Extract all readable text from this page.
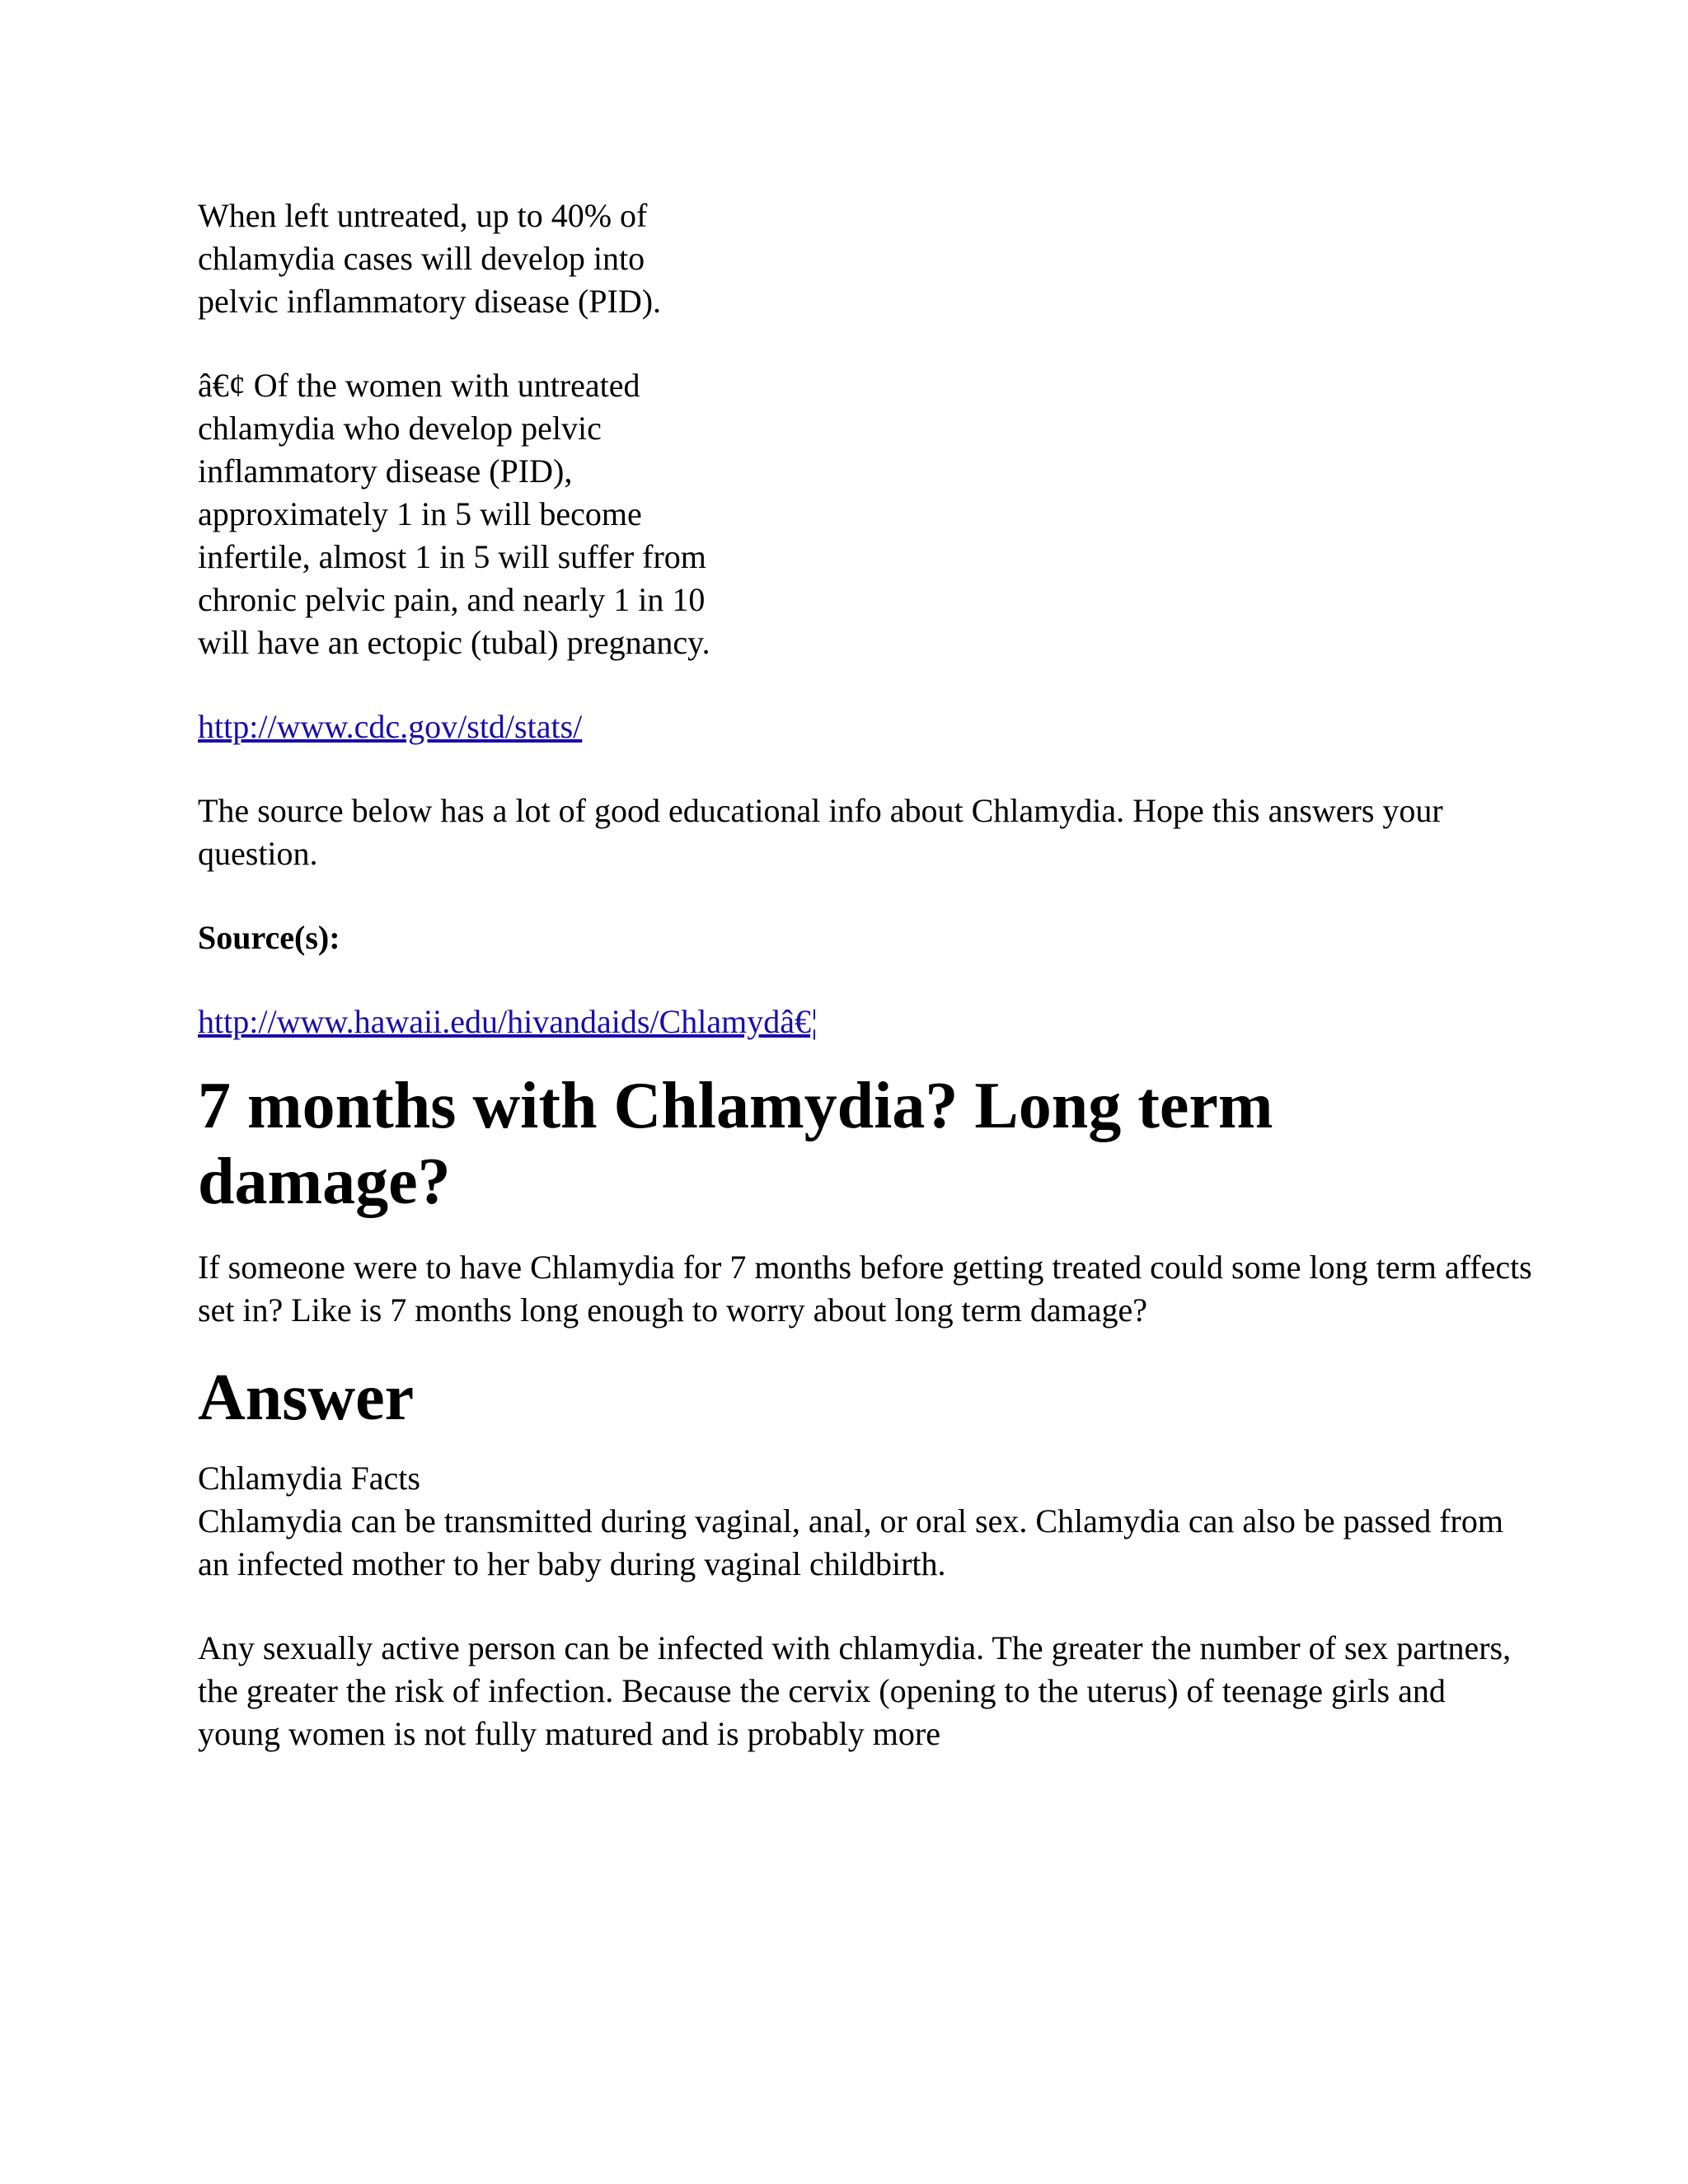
When left untreated, up to 40% of chlamydia cases will develop into pelvic inflammatory disease (PID).

â€¢ Of the women with untreated chlamydia who develop pelvic inflammatory disease (PID), approximately 1 in 5 will become infertile, almost 1 in 5 will suffer from chronic pelvic pain, and nearly 1 in 10 will have an ectopic (tubal) pregnancy.

http://www.cdc.gov/std/stats/

The source below has a lot of good educational info about Chlamydia. Hope this answers your question.

Source(s):

http://www.hawaii.edu/hivandaids/Chlamydâ€¦

7 months with Chlamydia? Long term damage?

If someone were to have Chlamydia for 7 months before getting treated could some long term affects set in? Like is 7 months long enough to worry about long term damage?

Answer

Chlamydia Facts
Chlamydia can be transmitted during vaginal, anal, or oral sex. Chlamydia can also be passed from an infected mother to her baby during vaginal childbirth.

Any sexually active person can be infected with chlamydia. The greater the number of sex partners, the greater the risk of infection. Because the cervix (opening to the uterus) of teenage girls and young women is not fully matured and is probably more
